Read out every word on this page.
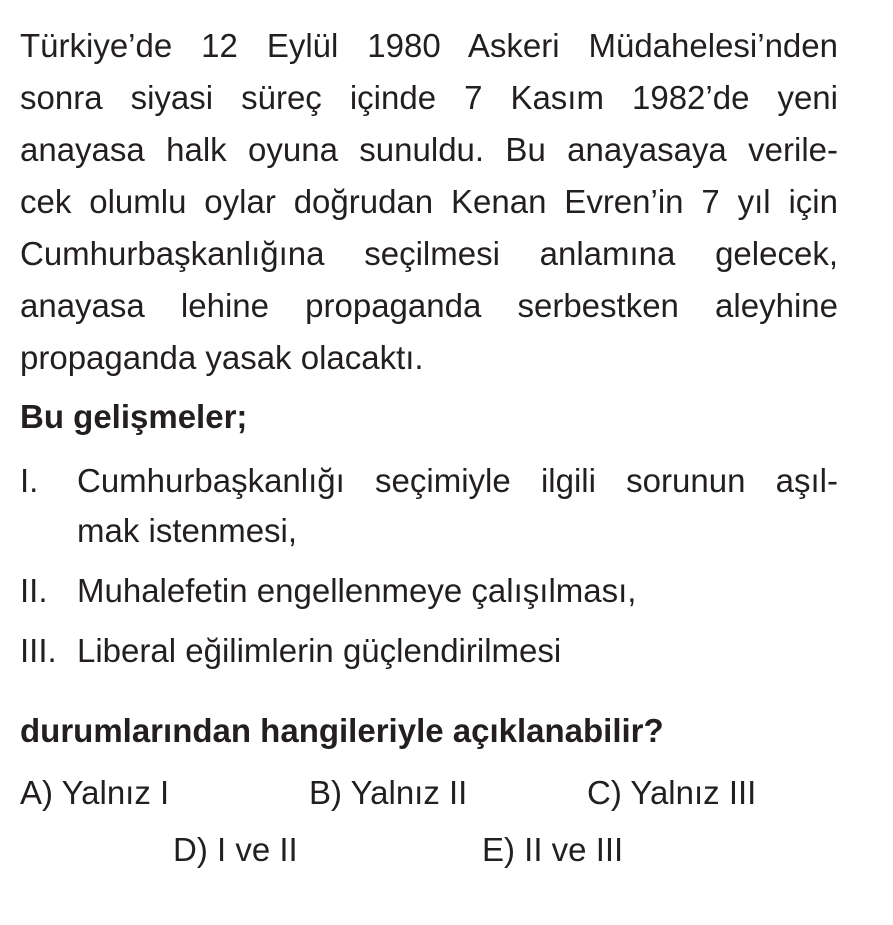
Türkiye’de 12 Eylül 1980 Askeri Müdahelesi’nden
sonra siyasi süreç içinde 7 Kasım 1982’de yeni
anayasa halk oyuna sunuldu. Bu anayasaya verile-
cek olumlu oylar doğrudan Kenan Evren’in 7 yıl için
Cumhurbaşkanlığına seçilmesi anlamına gelecek,
anayasa lehine propaganda serbestken aleyhine
propaganda yasak olacaktı.
Bu gelişmeler;
I. Cumhurbaşkanlığı seçimiyle ilgili sorunun aşıl-
mak istenmesi,
II. Muhalefetin engellenmeye çalışılması,
III. Liberal eğilimlerin güçlendirilmesi
durumlarından hangileriyle açıklanabilir?
A) Yalnız I	B) Yalnız II	C) Yalnız III
D) I ve II	E) II ve III
